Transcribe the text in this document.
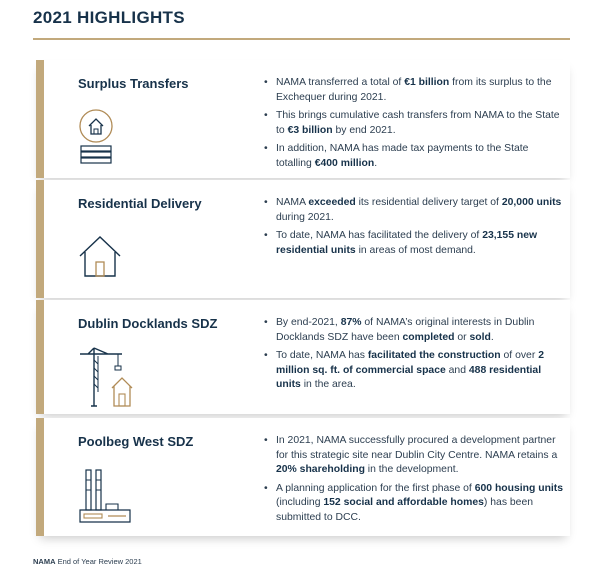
2021 HIGHLIGHTS
Surplus Transfers	• NAMA transferred a total of €1 billion from its surplus to the Exchequer during 2021.
• This brings cumulative cash transfers from NAMA to the State to €3 billion by end 2021.
• In addition, NAMA has made tax payments to the State totalling €400 million.
Residential Delivery	• NAMA exceeded its residential delivery target of 20,000 units during 2021.
• To date, NAMA has facilitated the delivery of 23,155 new residential units in areas of most demand.
Dublin Docklands SDZ	• By end-2021, 87% of NAMA’s original interests in Dublin Docklands SDZ have been completed or sold.
• To date, NAMA has facilitated the construction of over 2 million sq. ft. of commercial space and 488 residential units in the area.
Poolbeg West SDZ	• In 2021, NAMA successfully procured a development partner for this strategic site near Dublin City Centre. NAMA retains a 20% shareholding in the development.
• A planning application for the first phase of 600 housing units (including 152 social and affordable homes) has been submitted to DCC.
NAMA End of Year Review 2021
